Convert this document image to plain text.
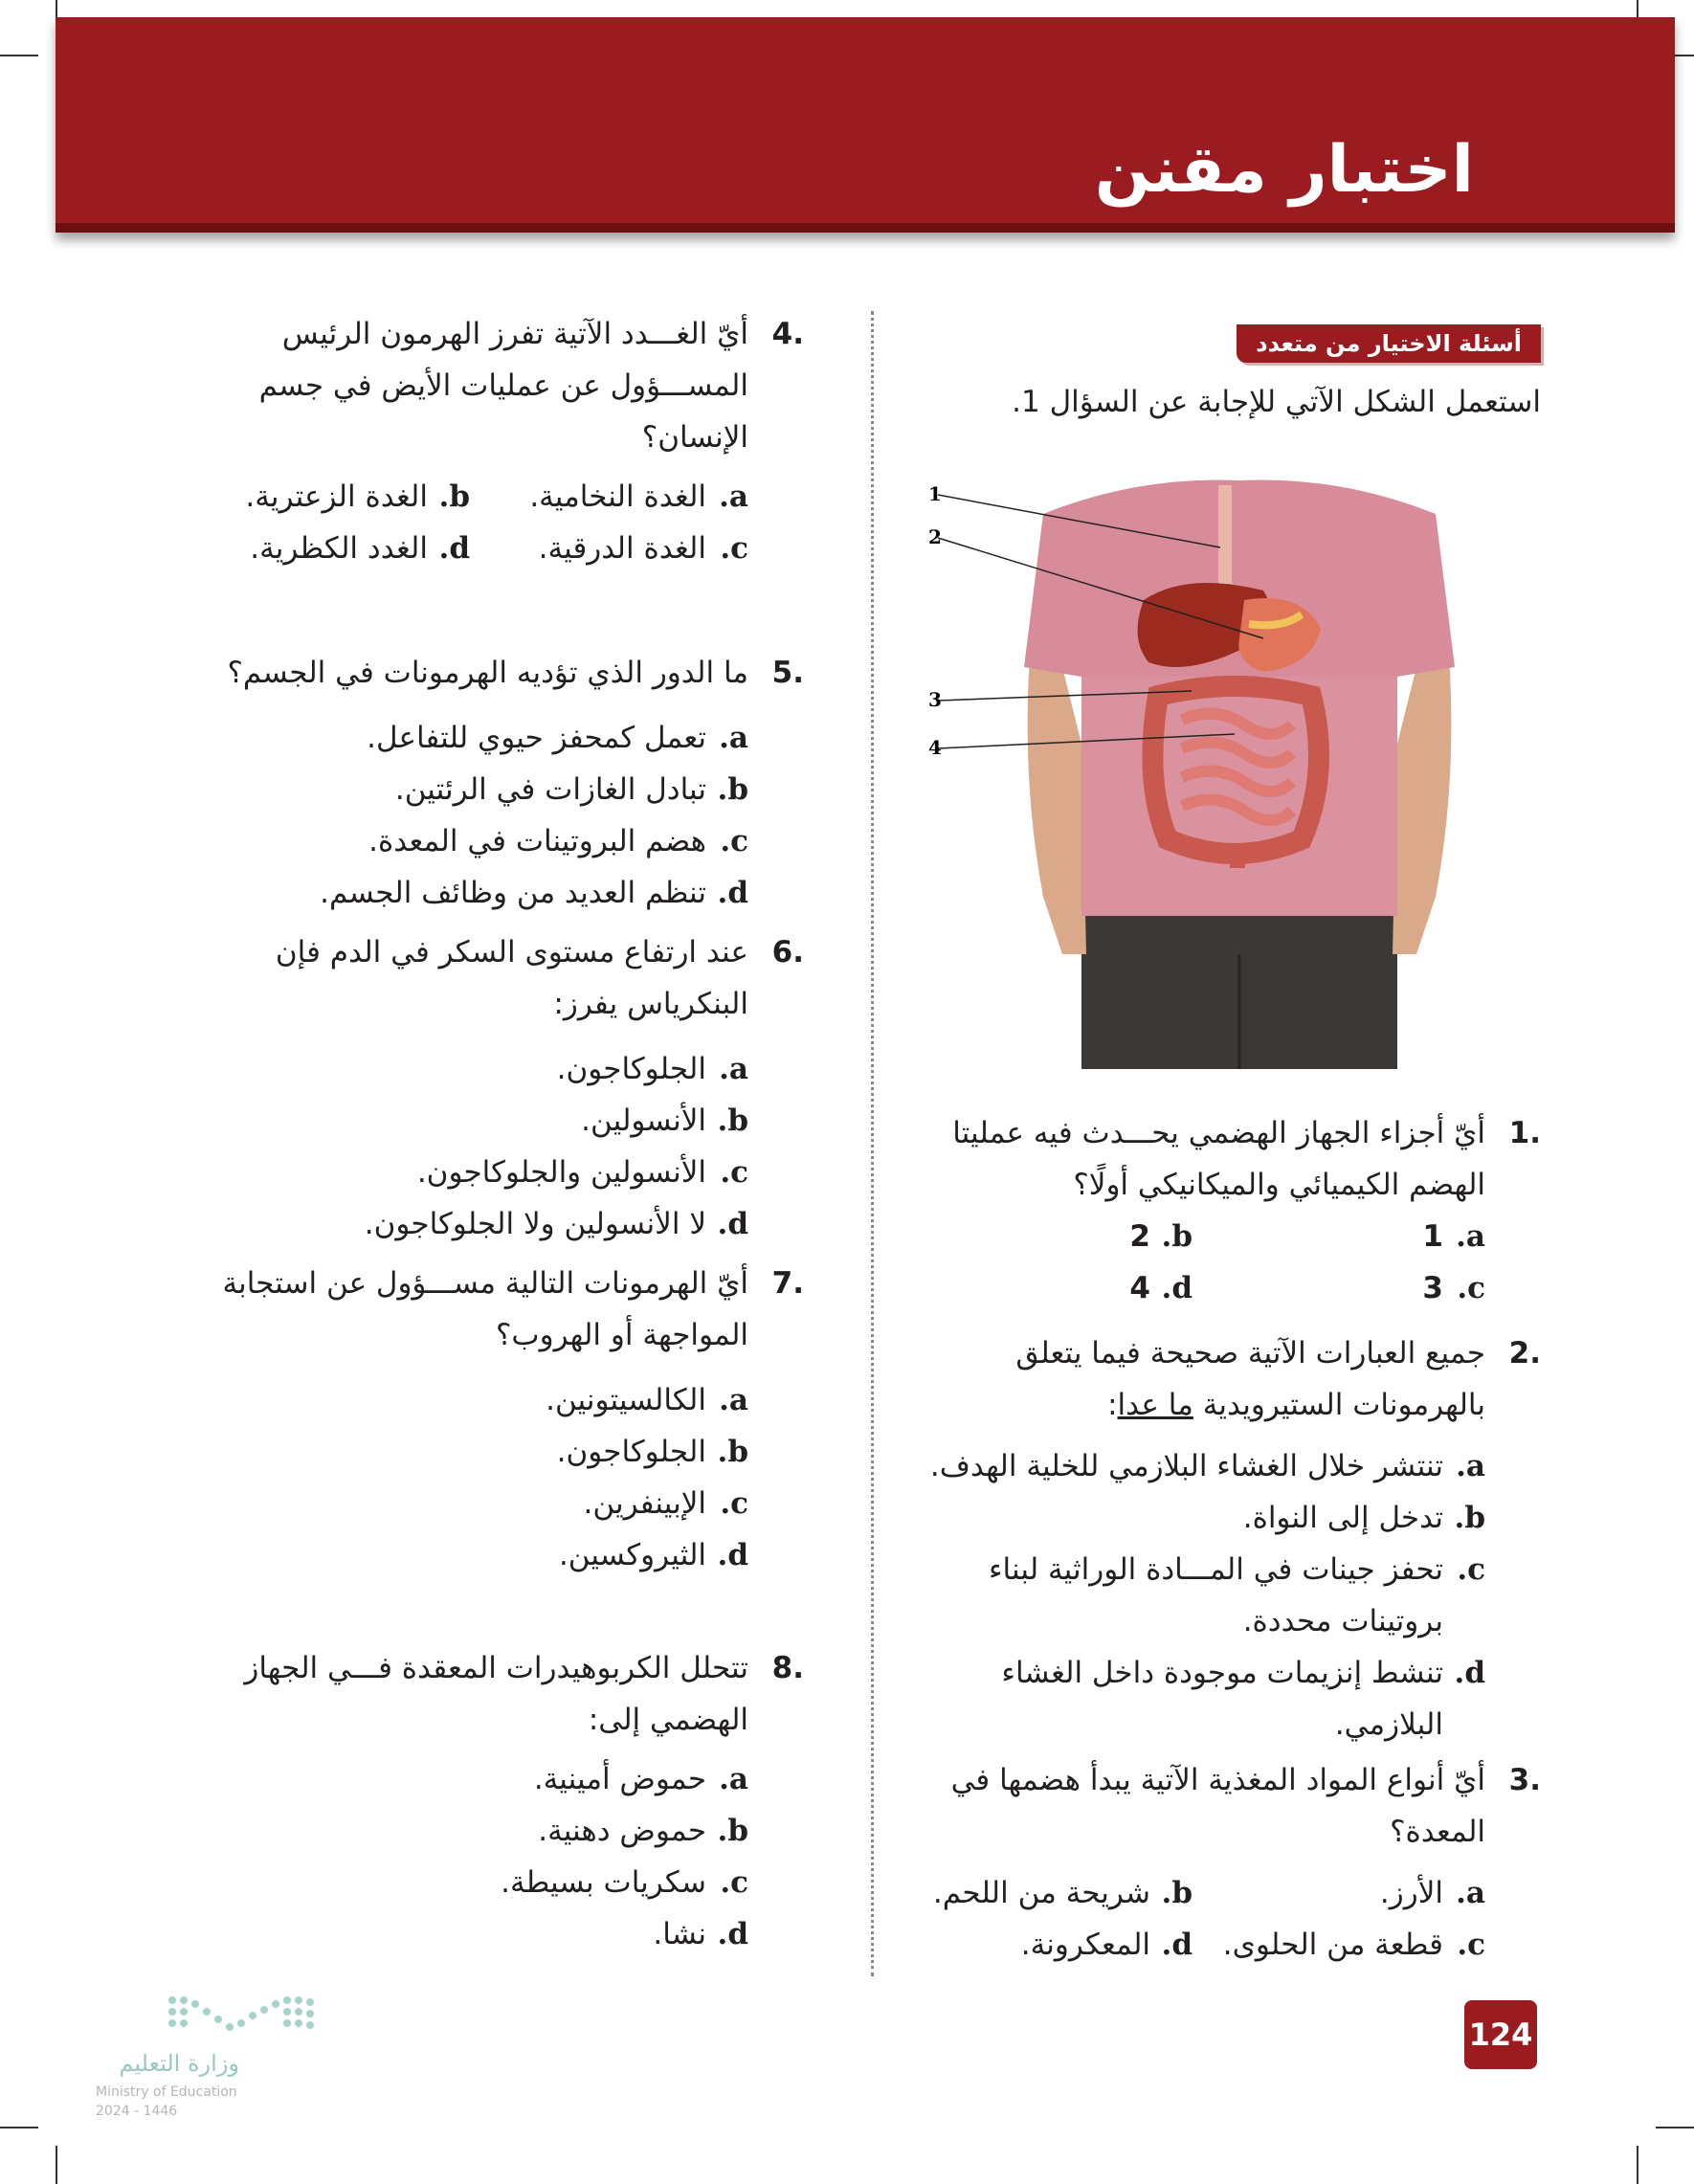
اختبار مقنن
أسئلة الاختيار من متعدد
استعمل الشكل الآتي للإجابة عن السؤال 1.
1
2
3
4

.1
أيّ أجزاء الجهاز الهضمي يحـــدث فيه عمليتا الهضم الكيميائي والميكانيكي أولًا؟

a.
1
b.
2
c.
3
d.
4

.2
جميع العبارات الآتية صحيحة فيما يتعلق بالهرمونات الستيرويدية ما عدا:

a.
تنتشر خلال الغشاء البلازمي للخلية الهدف.
b.
تدخل إلى النواة.
c.
تحفز جينات في المـــادة الوراثية لبناء بروتينات محددة.
d.
تنشط إنزيمات موجودة داخل الغشاء البلازمي.

.3
أيّ أنواع المواد المغذية الآتية يبدأ هضمها في المعدة؟

a.
الأرز.
b.
شريحة من اللحم.
c.
قطعة من الحلوى.
d.
المعكرونة.

.4
أيّ الغـــدد الآتية تفرز الهرمون الرئيس المســـؤول عن عمليات الأيض في جسم الإنسان؟

a.
الغدة النخامية.
b.
الغدة الزعترية.
c.
الغدة الدرقية.
d.
الغدد الكظرية.

.5
ما الدور الذي تؤديه الهرمونات في الجسم؟

a.
تعمل كمحفز حيوي للتفاعل.
b.
تبادل الغازات في الرئتين.
c.
هضم البروتينات في المعدة.
d.
تنظم العديد من وظائف الجسم.

.6
عند ارتفاع مستوى السكر في الدم فإن البنكرياس يفرز:

a.
الجلوكاجون.
b.
الأنسولين.
c.
الأنسولين والجلوكاجون.
d.
لا الأنسولين ولا الجلوكاجون.

.7
أيّ الهرمونات التالية مســـؤول عن استجابة المواجهة أو الهروب؟

a.
الكالسيتونين.
b.
الجلوكاجون.
c.
الإبينفرين.
d.
الثيروكسين.

.8
تتحلل الكربوهيدرات المعقدة فـــي الجهاز الهضمي إلى:

a.
حموض أمينية.
b.
حموض دهنية.
c.
سكريات بسيطة.
d.
نشا.
وزارة التعليم
Ministry of Education
2024 - 1446
124
